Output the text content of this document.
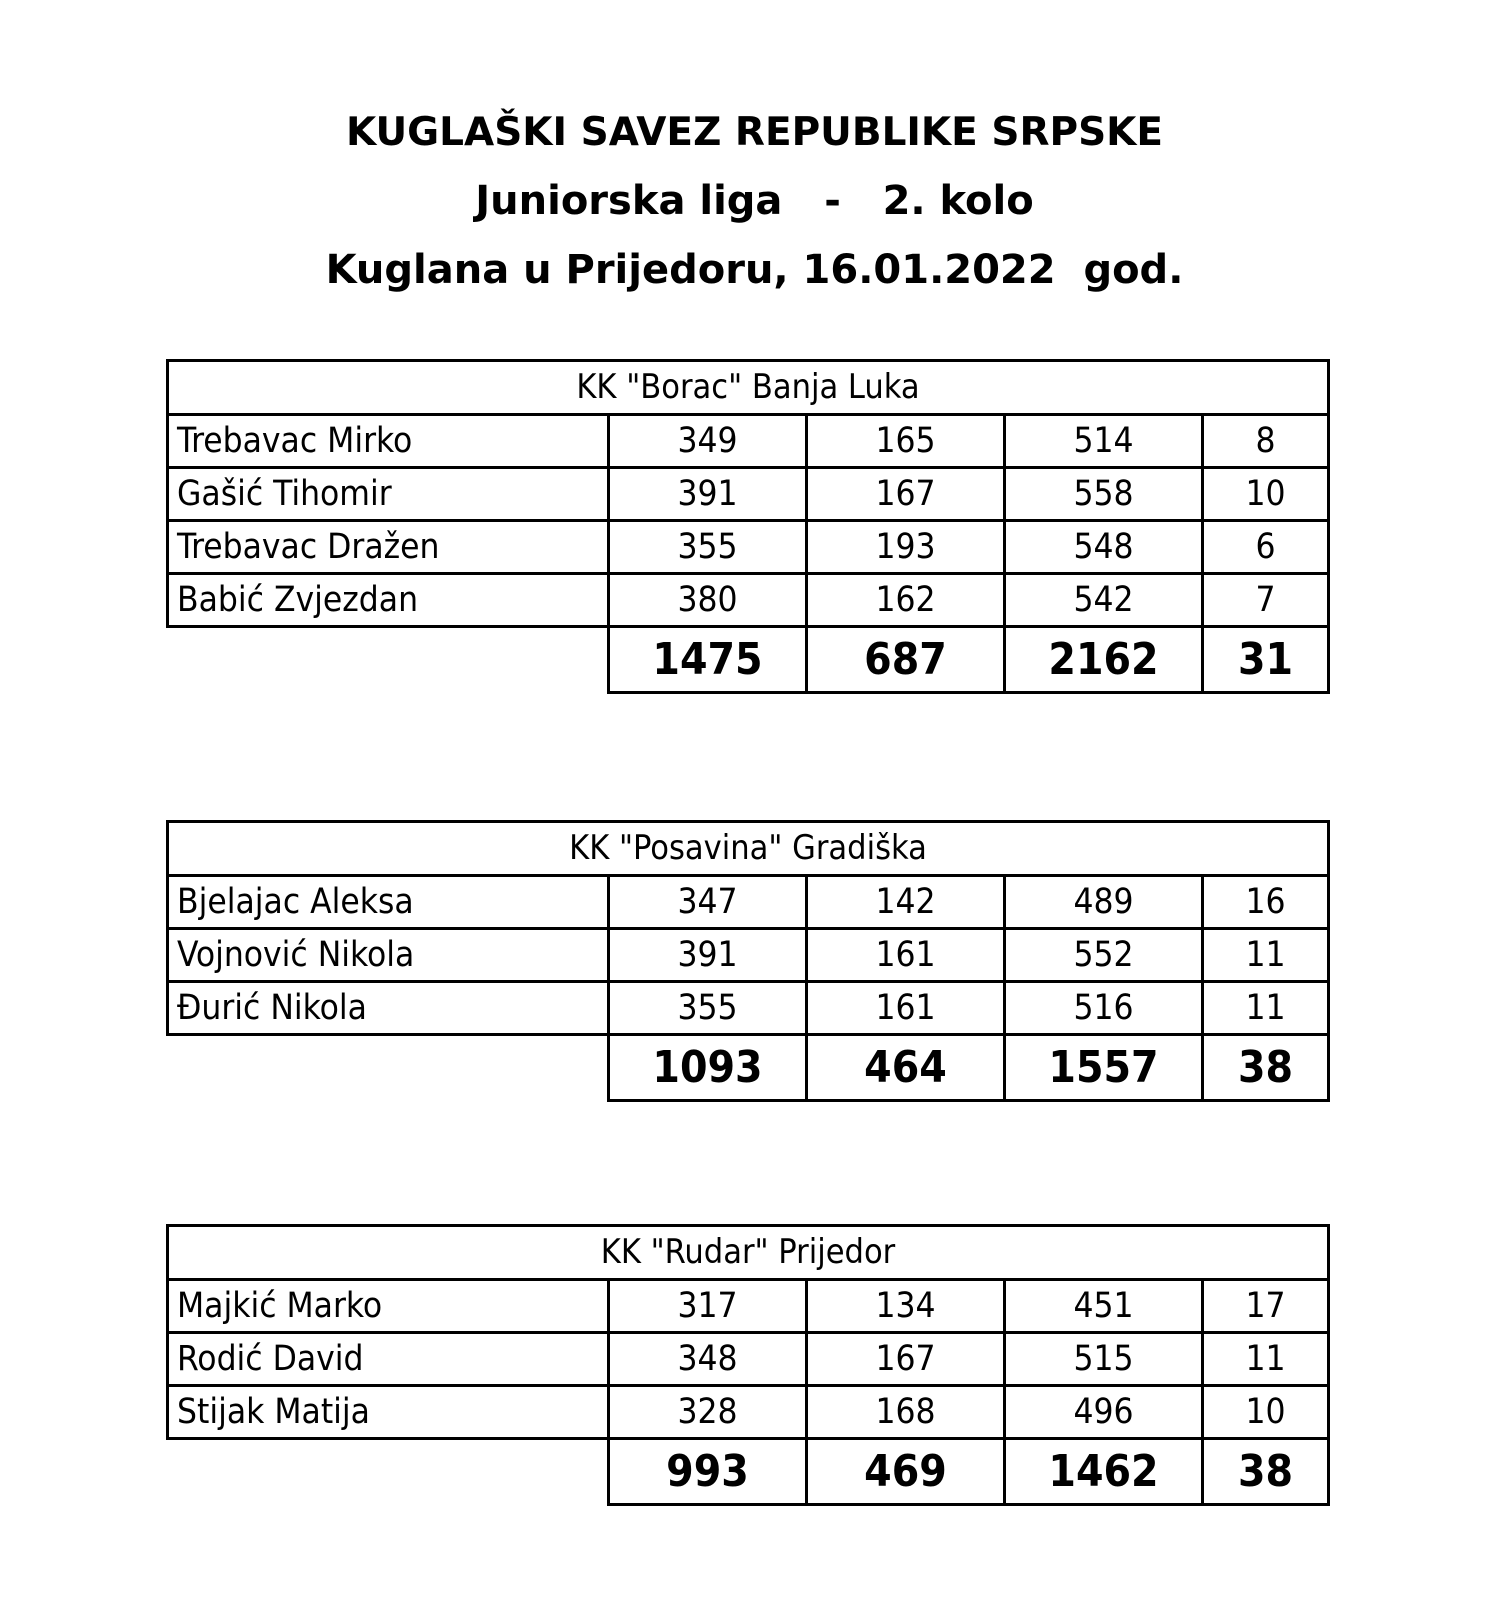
KUGLAŠKI SAVEZ REPUBLIKE SRPSKE
Juniorska liga   -   2. kolo
Kuglana u Prijedoru, 16.01.2022  god.
KK "Borac" Banja Luka				
Trebavac Mirko	349	165	514	8
Gašić Tihomir	391	167	558	10
Trebavac Dražen	355	193	548	6
Babić Zvjezdan	380	162	542	7
	1475	687	2162	31
KK "Posavina" Gradiška				
Bjelajac Aleksa	347	142	489	16
Vojnović Nikola	391	161	552	11
Đurić Nikola	355	161	516	11
	1093	464	1557	38
KK "Rudar" Prijedor				
Majkić Marko	317	134	451	17
Rodić David	348	167	515	11
Stijak Matija	328	168	496	10
	993	469	1462	38
